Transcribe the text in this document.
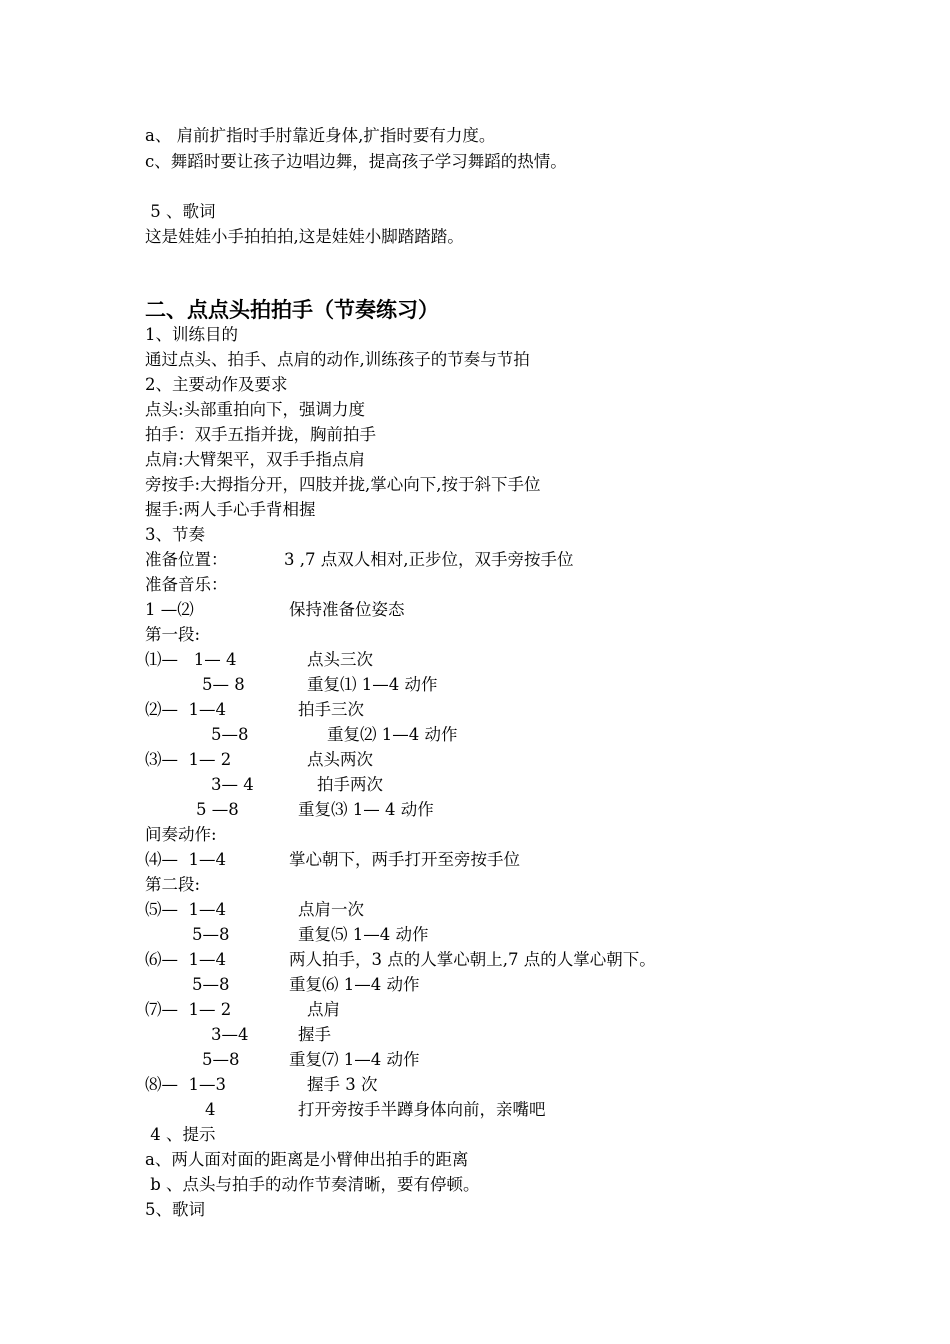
a、 肩前扩指时手肘靠近身体,扩指时要有力度。
c、舞蹈时要让孩子边唱边舞，提高孩子学习舞蹈的热情。
5 、歌词
这是娃娃小手拍拍拍,这是娃娃小脚踏踏踏。
二、点点头拍拍手（节奏练习）
1、训练目的
通过点头、拍手、点肩的动作,训练孩子的节奏与节拍
2、主要动作及要求
点头:头部重拍向下，强调力度
拍手：双手五指并拢，胸前拍手
点肩:大臂架平，双手手指点肩
旁按手:大拇指分开，四肢并拢,掌心向下,按于斜下手位
握手:两人手心手背相握
3、节奏
准备位置：	3 ,7 点双人相对,正步位，双手旁按手位
准备音乐：
1 —⑵	保持准备位姿态
第一段:
⑴—   1— 4	点头三次
5— 8	重复⑴ 1—4 动作
⑵—  1—4	拍手三次
5—8	重复⑵ 1—4 动作
⑶—  1— 2	点头两次
3— 4	拍手两次
5 —8	重复⑶ 1— 4 动作
间奏动作:
⑷—  1—4	掌心朝下，两手打开至旁按手位
第二段:
⑸—  1—4	点肩一次
5—8	重复⑸ 1—4 动作
⑹—  1—4	两人拍手，3 点的人掌心朝上,7 点的人掌心朝下。
5—8	重复⑹ 1—4 动作
⑺—  1— 2	点肩
3—4	握手
5—8	重复⑺ 1—4 动作
⑻—  1—3	握手 3 次
4	打开旁按手半蹲身体向前，亲嘴吧
4 、提示
a、两人面对面的距离是小臂伸出拍手的距离
b 、点头与拍手的动作节奏清晰，要有停顿。
5、歌词
